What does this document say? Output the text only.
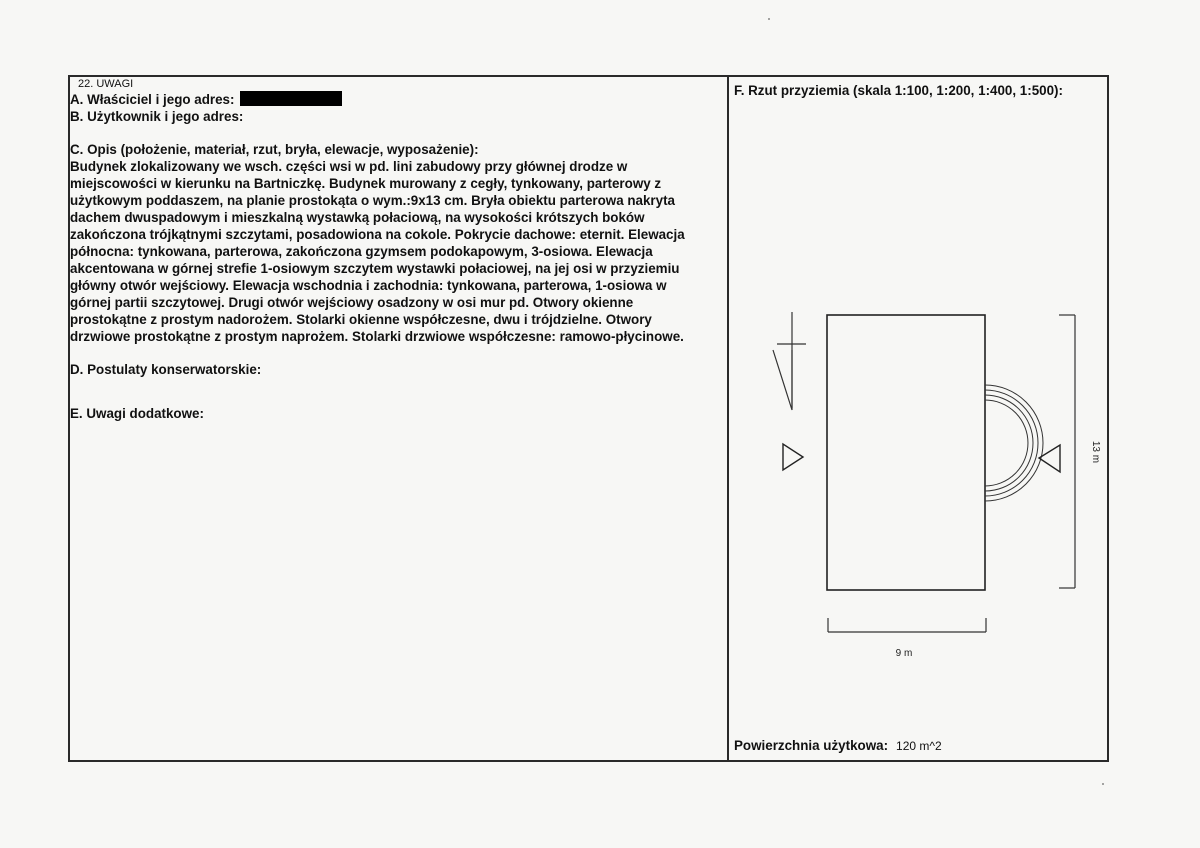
22. UWAGI
A. Właściciel i jego adres:
B. Użytkownik i jego adres:
C. Opis (położenie, materiał, rzut, bryła, elewacje, wyposażenie):
Budynek zlokalizowany we wsch. części wsi w pd. lini zabudowy przy głównej drodze w
miejscowości w kierunku na Bartniczkę. Budynek murowany z cegły, tynkowany, parterowy z
użytkowym poddaszem, na planie prostokąta o wym.:9x13 cm. Bryła obiektu parterowa nakryta
dachem dwuspadowym i mieszkalną wystawką połaciową, na wysokości krótszych boków
zakończona trójkątnymi szczytami, posadowiona na cokole. Pokrycie dachowe: eternit. Elewacja
północna: tynkowana, parterowa, zakończona gzymsem podokapowym, 3-osiowa. Elewacja
akcentowana w górnej strefie 1-osiowym szczytem wystawki połaciowej, na jej osi w przyziemiu
główny otwór wejściowy. Elewacja wschodnia i zachodnia: tynkowana, parterowa, 1-osiowa w
górnej partii szczytowej. Drugi otwór wejściowy osadzony w osi mur pd. Otwory okienne
prostokątne z prostym nadorożem. Stolarki okienne współczesne, dwu i trójdzielne. Otwory
drzwiowe prostokątne z prostym naprożem. Stolarki drzwiowe współczesne: ramowo-płycinowe.
D. Postulaty konserwatorskie:
E. Uwagi dodatkowe:
F. Rzut przyziemia (skala 1:100, 1:200, 1:400, 1:500):
13 m
9 m
Powierzchnia użytkowa: 120 m^2
